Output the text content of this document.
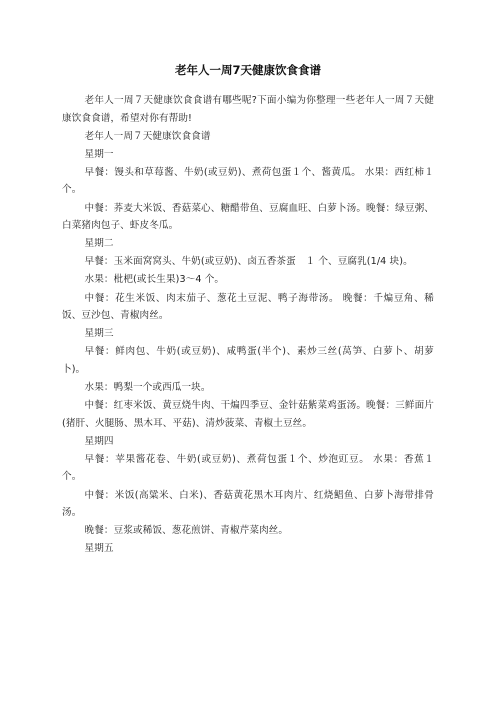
老年人一周7天健康饮食食谱

老年人一周７天健康饮食食谱有哪些呢?下面小编为你整理一些老年人一周７天健康饮食食谱，希望对你有帮助!

老年人一周７天健康饮食食谱

星期一

早餐：馒头和草莓酱、牛奶(或豆奶)、煮荷包蛋１个、酱黄瓜。 水果：西红柿１个。

中餐：荞麦大米饭、香菇菜心、糖醋带鱼、豆腐血旺、白萝卜汤。晚餐：绿豆粥、白菜猪肉包子、虾皮冬瓜。

星期二

早餐：玉米面窝窝头、牛奶(或豆奶)、卤五香茶蛋　１ 个、豆腐乳(1/4 块)。

水果：枇杷(或长生果)3～4 个。

中餐：花生米饭、肉末茄子、葱花土豆泥、鸭子海带汤。 晚餐：千煸豆角、稀饭、豆沙包、青椒肉丝。

星期三

早餐：鲜肉包、牛奶(或豆奶)、咸鸭蛋(半个)、素炒三丝(莴笋、白萝卜、胡萝卜)。

水果：鸭梨一个或西瓜一块。

中餐：红枣米饭、黄豆烧牛肉、干煸四季豆、金针菇紫菜鸡蛋汤。晚餐：三鲜面片(猪肝、火腿肠、黑木耳、平菇)、清炒菠菜、青椒土豆丝。

星期四

早餐：苹果酱花卷、牛奶(或豆奶)、煮荷包蛋１个、炒泡豇豆。 水果：香蕉１个。

中餐：米饭(高粱米、白米)、香菇黄花黑木耳肉片、红烧鲳鱼、白萝卜海带排骨汤。

晚餐：豆浆或稀饭、葱花煎饼、青椒芹菜肉丝。

星期五
